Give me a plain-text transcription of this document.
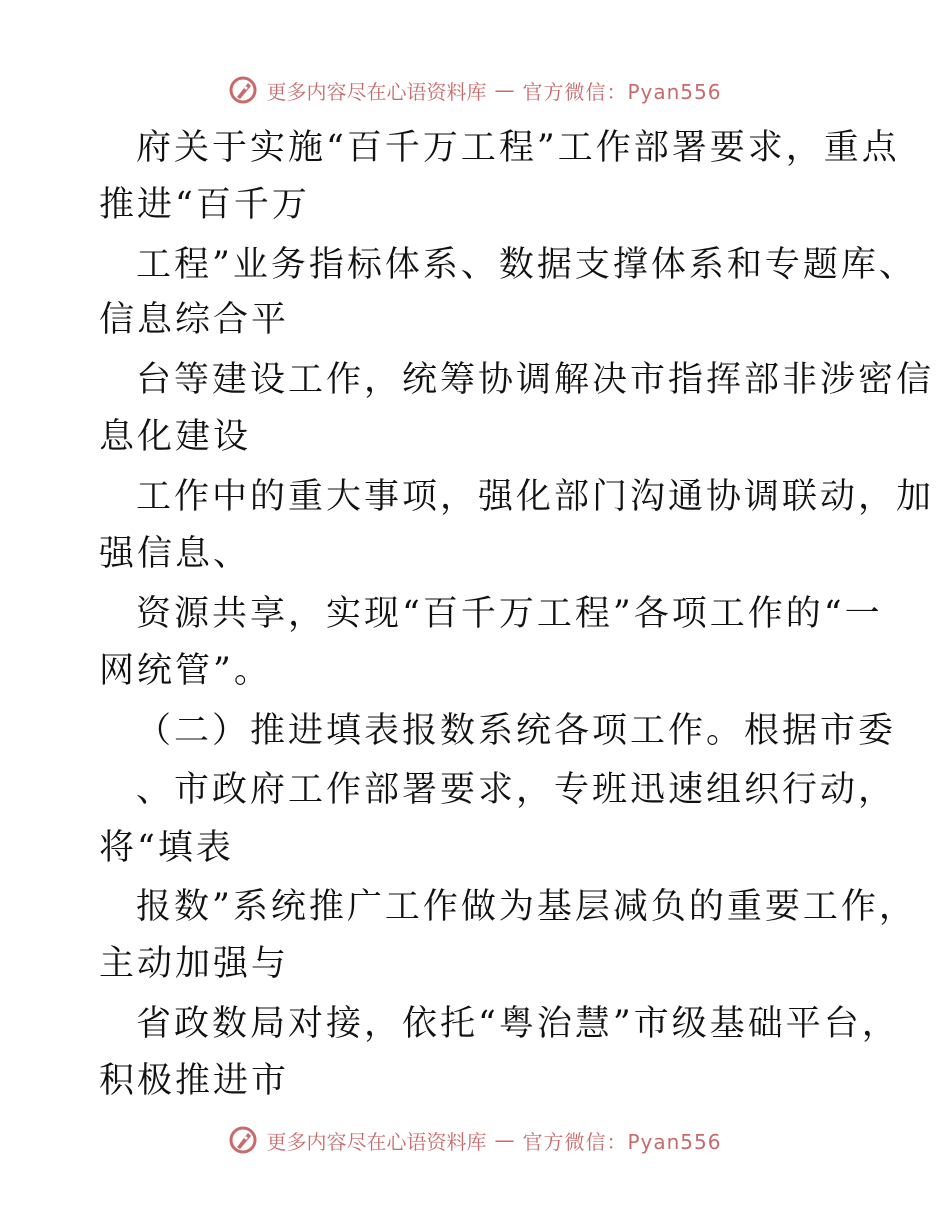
更多内容尽在心语资料库 — 官方微信：Pyan556
府关于实施“百千万工程”工作部署要求，重点
推进“百千万
工程”业务指标体系、数据支撑体系和专题库、
信息综合平
台等建设工作，统筹协调解决市指挥部非涉密信
息化建设
工作中的重大事项，强化部门沟通协调联动，加
强信息、
资源共享，实现“百千万工程”各项工作的“一
网统管”。
（二）推进填表报数系统各项工作。根据市委
、市政府工作部署要求，专班迅速组织行动，
将“填表
报数”系统推广工作做为基层减负的重要工作，
主动加强与
省政数局对接，依托“粤治慧”市级基础平台，
积极推进市
更多内容尽在心语资料库 — 官方微信：Pyan556
